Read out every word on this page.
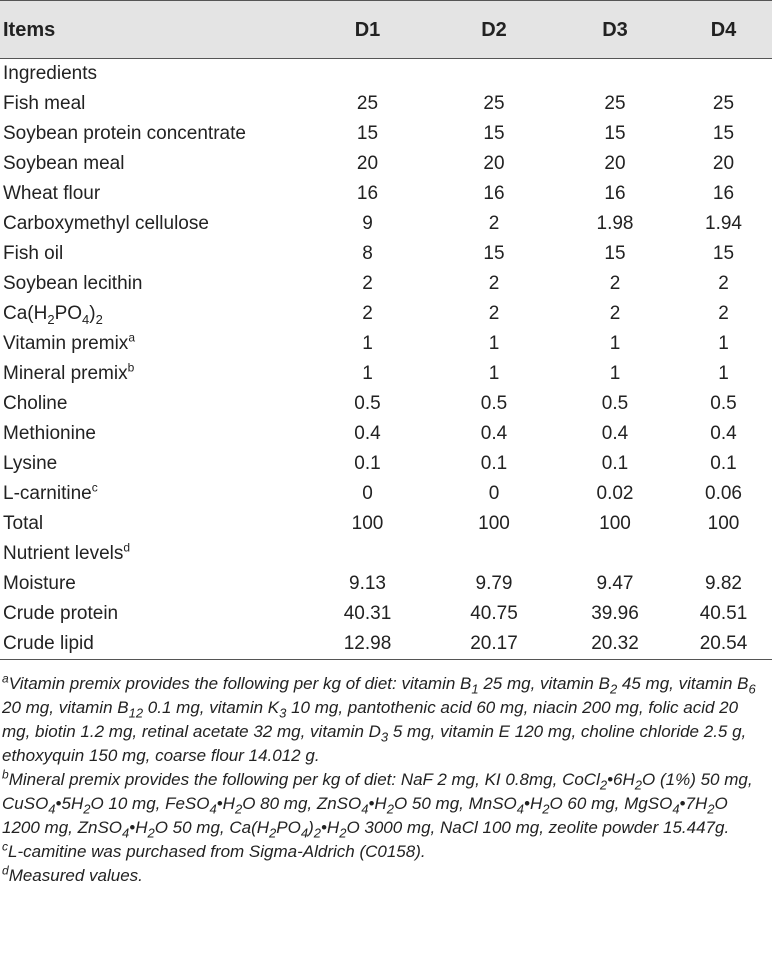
Items	D1	D2	D3	D4
Ingredients				
Fish meal	25	25	25	25
Soybean protein concentrate	15	15	15	15
Soybean meal	20	20	20	20
Wheat flour	16	16	16	16
Carboxymethyl cellulose	9	2	1.98	1.94
Fish oil	8	15	15	15
Soybean lecithin	2	2	2	2
$Ca(H_2PO_4)_2$	2	2	2	2
Vitamin premix$^a$	1	1	1	1
Mineral premix$^b$	1	1	1	1
Choline	0.5	0.5	0.5	0.5
Methionine	0.4	0.4	0.4	0.4
Lysine	0.1	0.1	0.1	0.1
L-carnitine$^c$	0	0	0.02	0.06
Total	100	100	100	100
Nutrient levels$^d$
Moisture	9.13	9.79	9.47	9.82
Crude protein	40.31	40.75	39.96	40.51
Crude lipid	12.98	20.17	20.32	20.54

$^a$Vitamin premix provides the following per kg of diet: vitamin $B_1$ 25 mg, vitamin $B_2$ 45 mg, vitamin $B_6$ 20 mg, vitamin $B_{12}$ 0.1 mg, vitamin $K_3$ 10 mg, pantothenic acid 60 mg, niacin 200 mg, folic acid 20 mg, biotin 1.2 mg, retinal acetate 32 mg, vitamin $D_3$ 5 mg, vitamin E 120 mg, choline chloride 2.5 g, ethoxyquin 150 mg, coarse flour 14.012 g.

$^b$Mineral premix provides the following per kg of diet: NaF 2 mg, KI 0.8mg, $CoCl_2•6H_2O$ (1%) 50 mg, $CuSO_4•5H_2O$ 10 mg, $FeSO_4•H_2O$ 80 mg, $ZnSO_4•H_2O$ 50 mg, $MnSO_4•H_2O$ 60 mg, $MgSO_4•7H_2O$ 1200 mg, $ZnSO_4•H_2O$ 50 mg, $Ca(H_2PO_4)_2•H_2O$ 3000 mg, NaCl 100 mg, zeolite powder 15.447g.

$^c$L-camitine was purchased from Sigma-Aldrich (C0158).

$^d$Measured values.
